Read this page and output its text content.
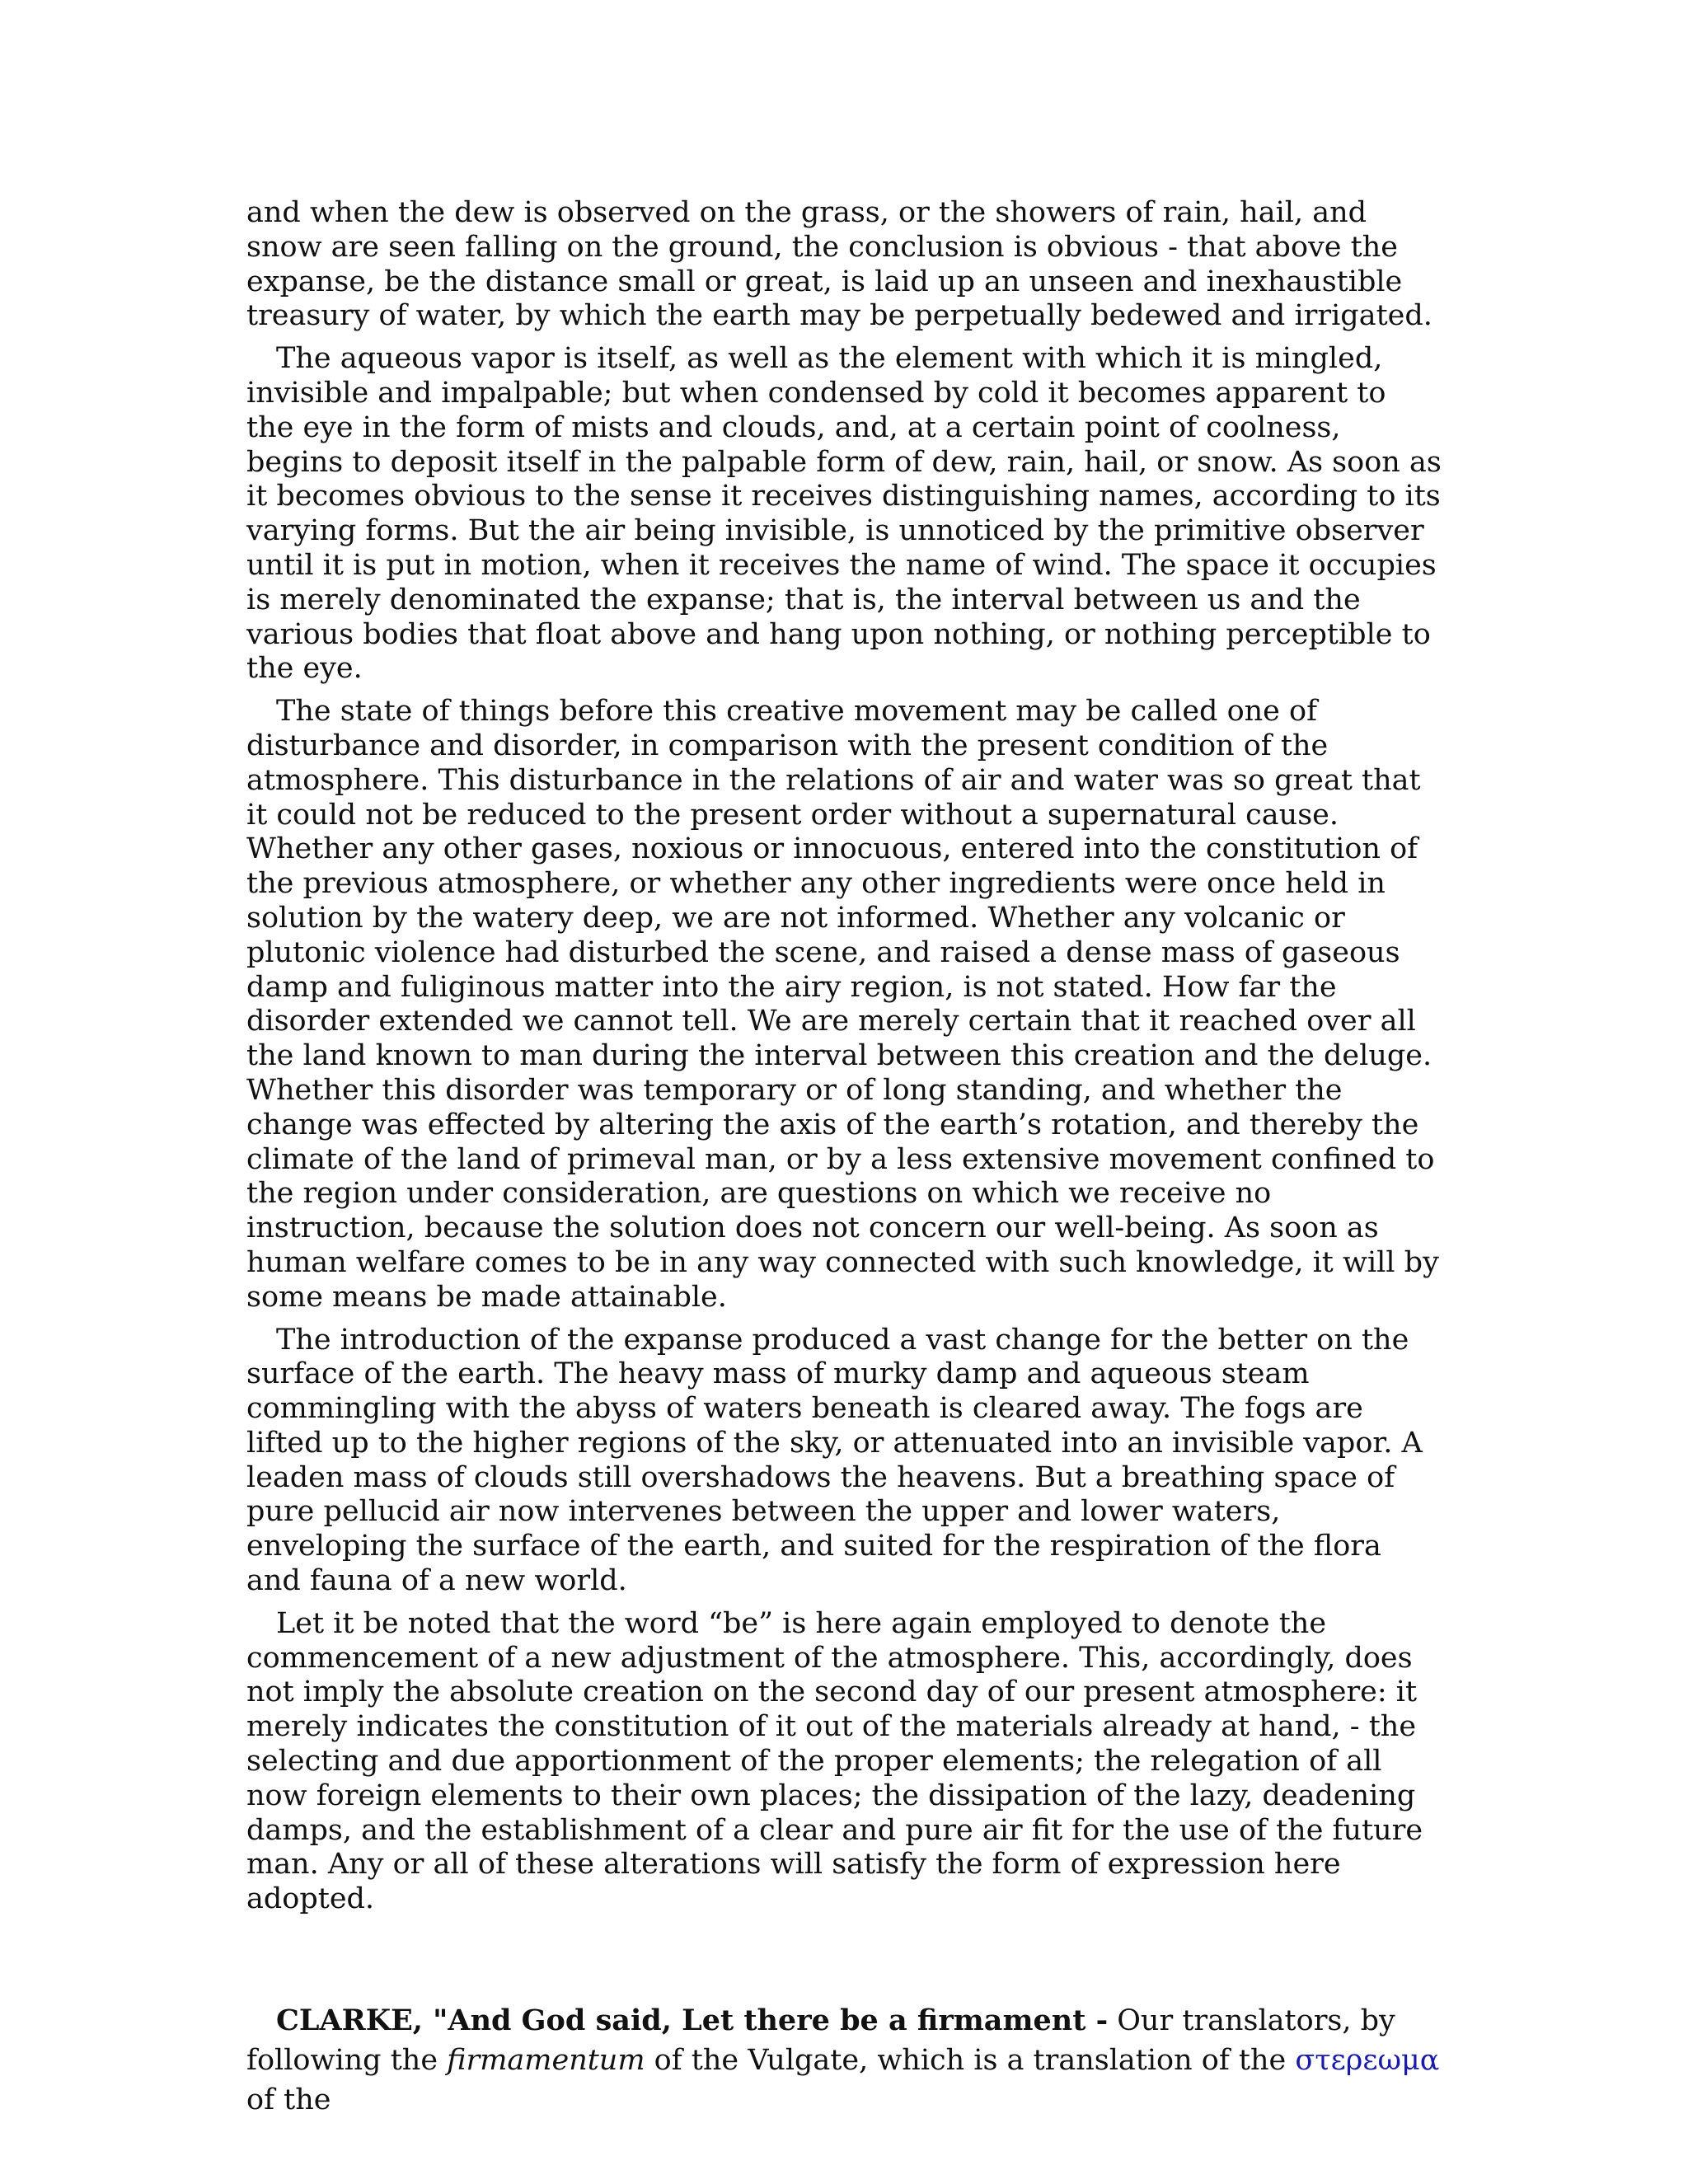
and when the dew is observed on the grass, or the showers of rain, hail, and snow are seen falling on the ground, the conclusion is obvious - that above the expanse, be the distance small or great, is laid up an unseen and inexhaustible treasury of water, by which the earth may be perpetually bedewed and irrigated.

The aqueous vapor is itself, as well as the element with which it is mingled, invisible and impalpable; but when condensed by cold it becomes apparent to the eye in the form of mists and clouds, and, at a certain point of coolness, begins to deposit itself in the palpable form of dew, rain, hail, or snow. As soon as it becomes obvious to the sense it receives distinguishing names, according to its varying forms. But the air being invisible, is unnoticed by the primitive observer until it is put in motion, when it receives the name of wind. The space it occupies is merely denominated the expanse; that is, the interval between us and the various bodies that float above and hang upon nothing, or nothing perceptible to the eye.

The state of things before this creative movement may be called one of disturbance and disorder, in comparison with the present condition of the atmosphere. This disturbance in the relations of air and water was so great that it could not be reduced to the present order without a supernatural cause. Whether any other gases, noxious or innocuous, entered into the constitution of the previous atmosphere, or whether any other ingredients were once held in solution by the watery deep, we are not informed. Whether any volcanic or plutonic violence had disturbed the scene, and raised a dense mass of gaseous damp and fuliginous matter into the airy region, is not stated. How far the disorder extended we cannot tell. We are merely certain that it reached over all the land known to man during the interval between this creation and the deluge. Whether this disorder was temporary or of long standing, and whether the change was effected by altering the axis of the earth’s rotation, and thereby the climate of the land of primeval man, or by a less extensive movement confined to the region under consideration, are questions on which we receive no instruction, because the solution does not concern our well-being. As soon as human welfare comes to be in any way connected with such knowledge, it will by some means be made attainable.

The introduction of the expanse produced a vast change for the better on the surface of the earth. The heavy mass of murky damp and aqueous steam commingling with the abyss of waters beneath is cleared away. The fogs are lifted up to the higher regions of the sky, or attenuated into an invisible vapor. A leaden mass of clouds still overshadows the heavens. But a breathing space of pure pellucid air now intervenes between the upper and lower waters, enveloping the surface of the earth, and suited for the respiration of the flora and fauna of a new world.

Let it be noted that the word “be” is here again employed to denote the commencement of a new adjustment of the atmosphere. This, accordingly, does not imply the absolute creation on the second day of our present atmosphere: it merely indicates the constitution of it out of the materials already at hand, - the selecting and due apportionment of the proper elements; the relegation of all now foreign elements to their own places; the dissipation of the lazy, deadening damps, and the establishment of a clear and pure air fit for the use of the future man. Any or all of these alterations will satisfy the form of expression here adopted.

CLARKE, "And God said, Let there be a firmament - Our translators, by following the firmamentum of the Vulgate, which is a translation of the στερεωμα of the
